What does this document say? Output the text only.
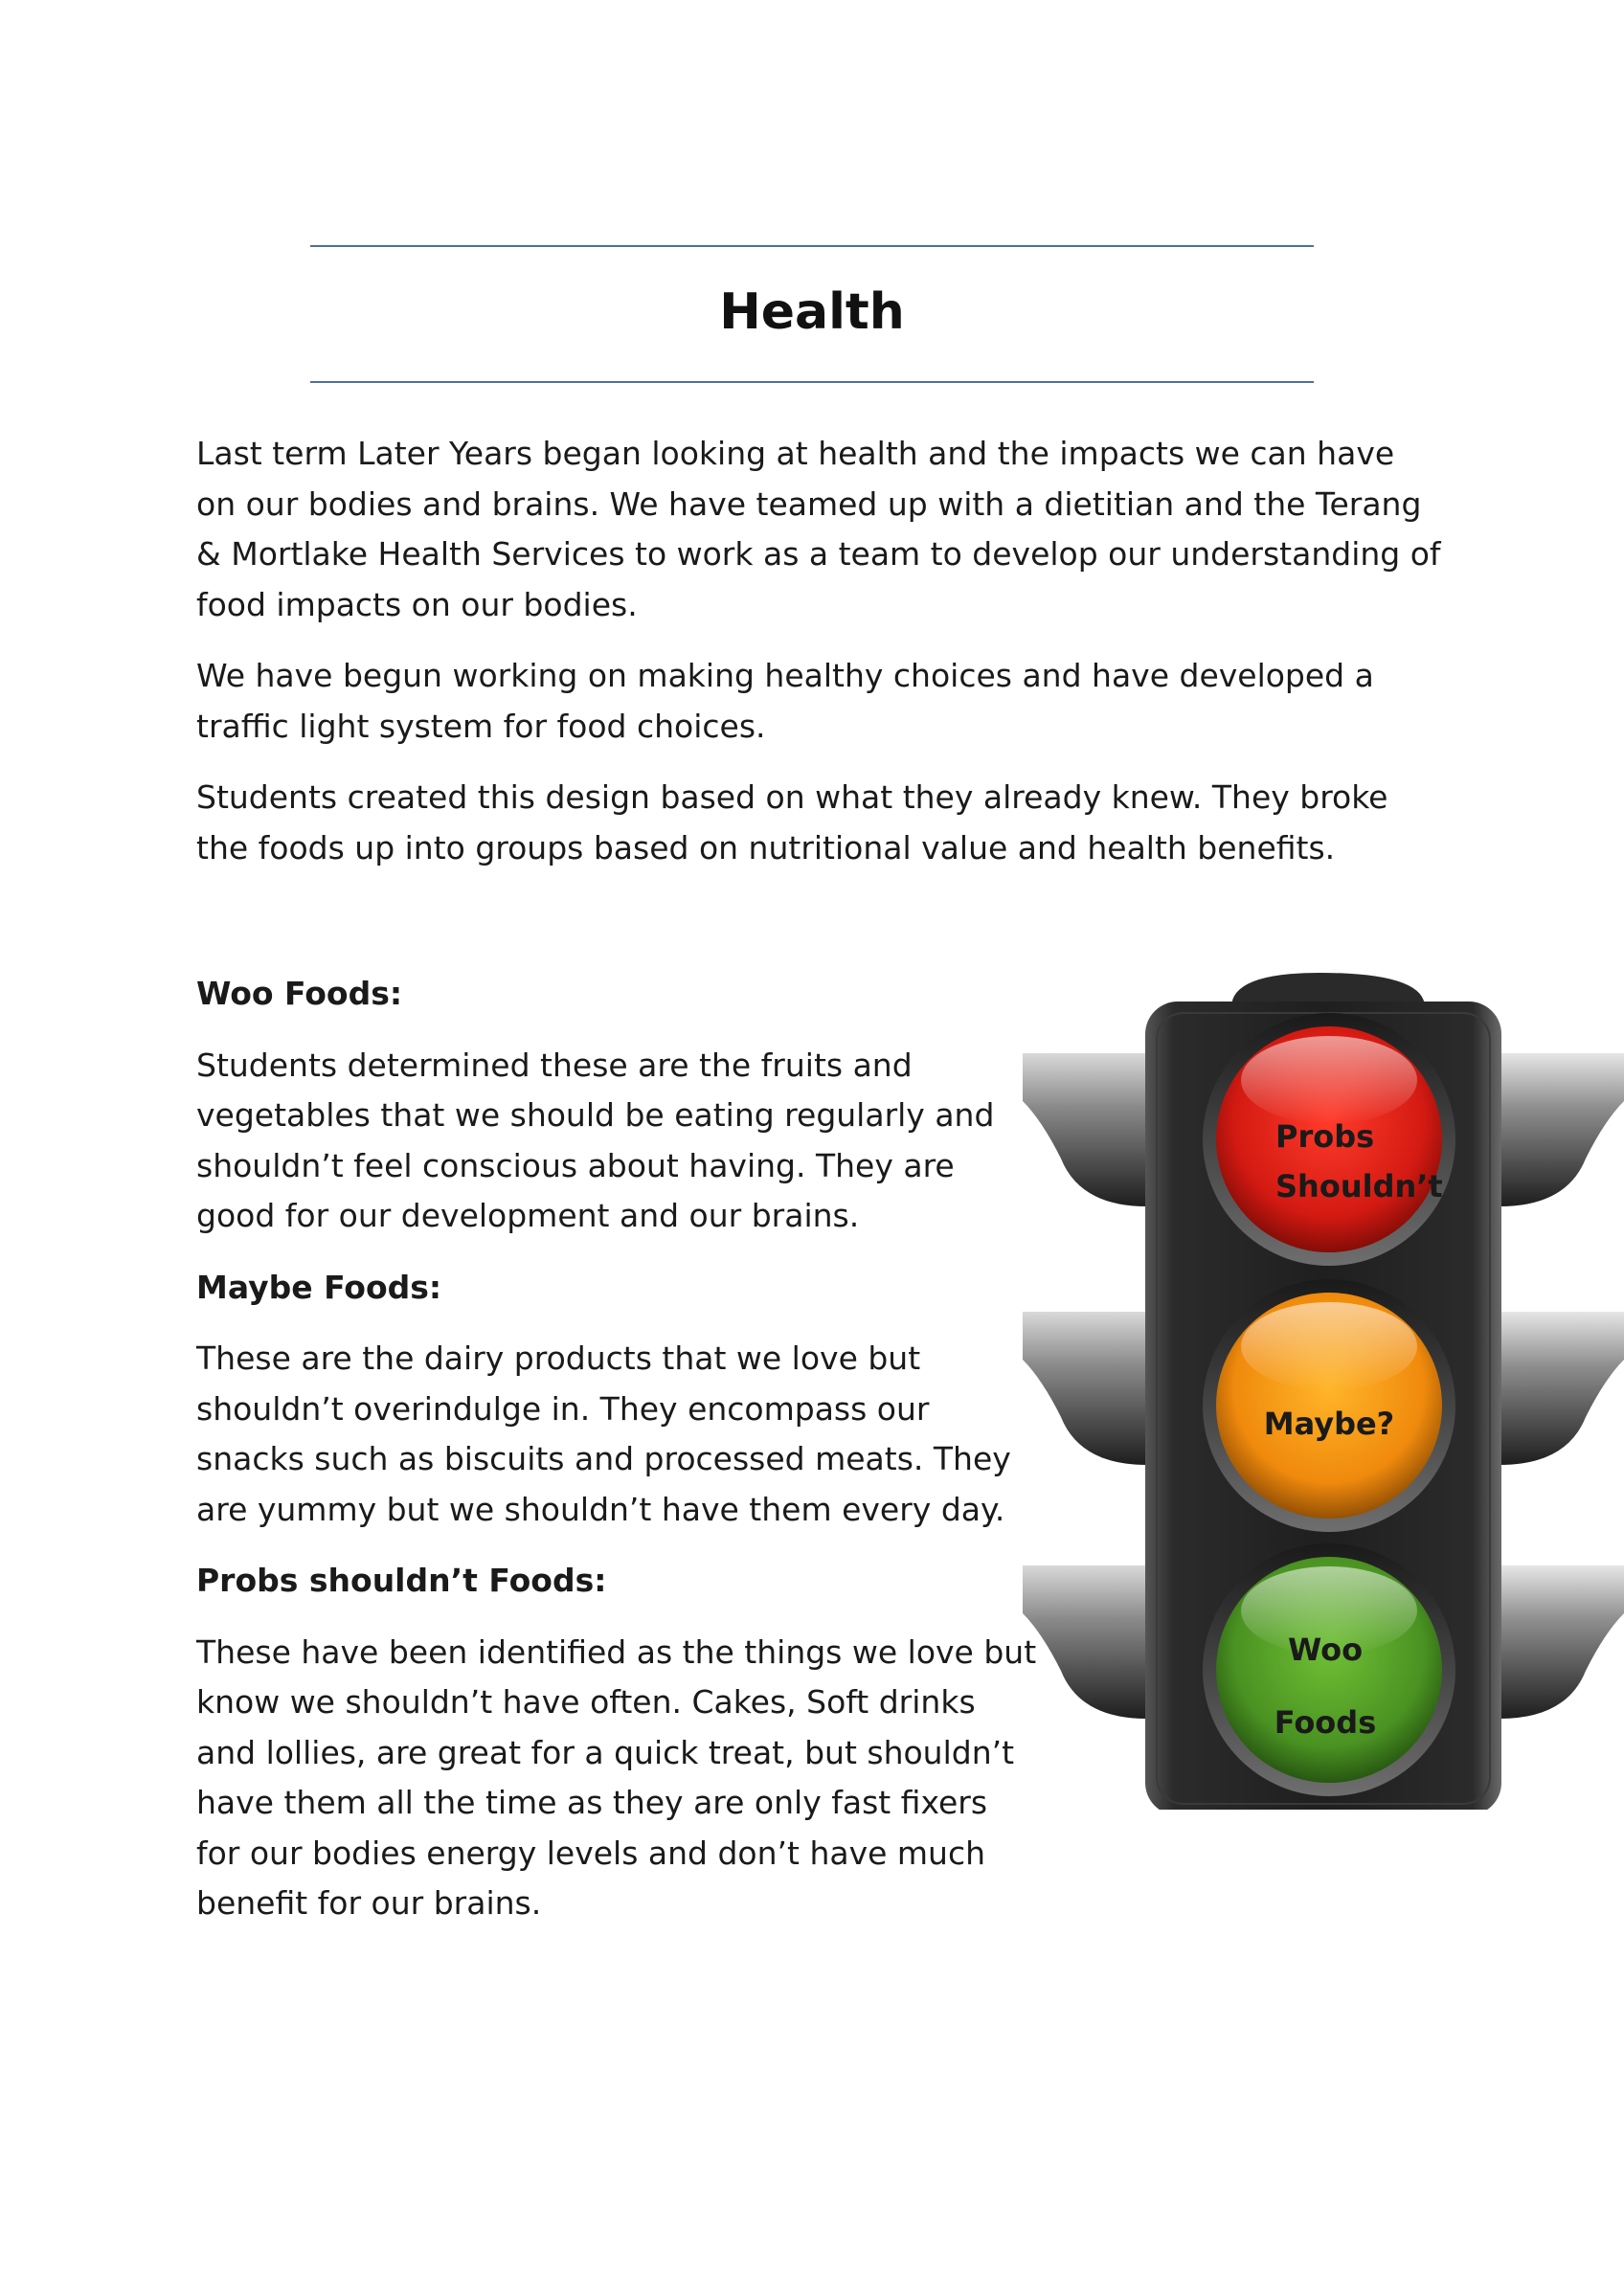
Health

Last term Later Years began looking at health and the impacts we can have on our bodies and brains. We have teamed up with a dietitian and the Terang & Mortlake Health Services to work as a team to develop our understanding of food impacts on our bodies.

We have begun working on making healthy choices and have developed a traffic light system for food choices.

Students created this design based on what they already knew. They broke the foods up into groups based on nutritional value and health benefits.

Woo Foods:

Students determined these are the fruits and vegetables that we should be eating regularly and shouldn’t feel conscious about having. They are good for our development and our brains.

Maybe Foods:

These are the dairy products that we love but shouldn’t overindulge in. They encompass our snacks such as biscuits and processed meats. They are yummy but we shouldn’t have them every day.

Probs shouldn’t Foods:

These have been identified as the things we love but know we shouldn’t have often. Cakes, Soft drinks and lollies, are great for a quick treat, but shouldn’t have them all the time as they are only fast fixers for our bodies energy levels and don’t have much benefit for our brains.

Probs
Shouldn’t
Maybe?
Woo
Foods
